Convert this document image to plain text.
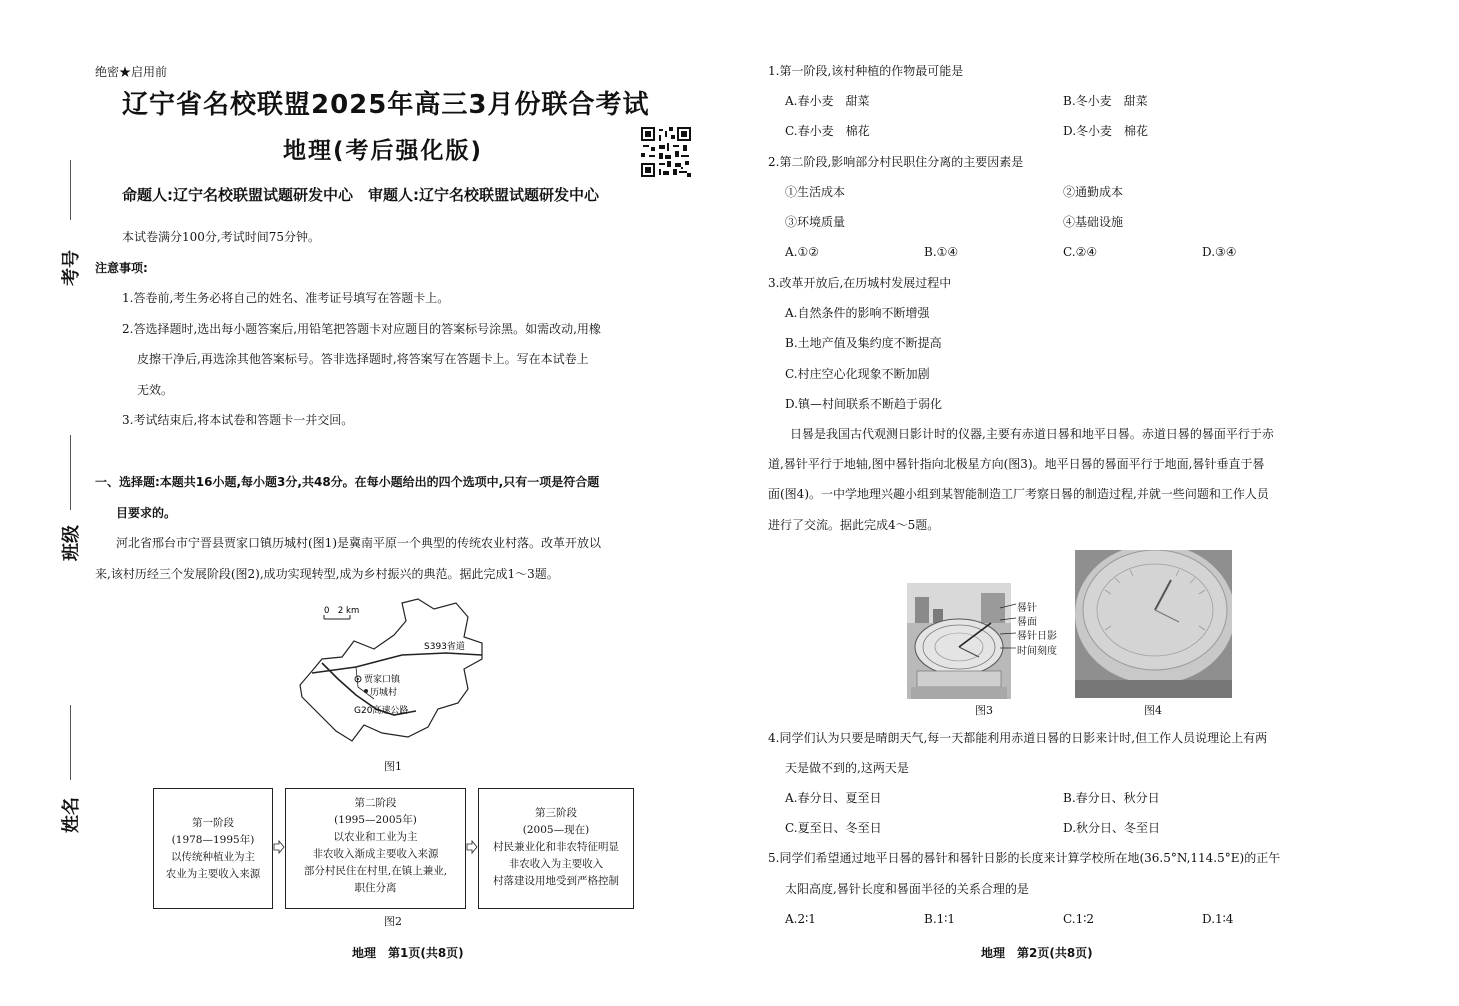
考号
班级
姓名
绝密★启用前
辽宁省名校联盟2025年高三3月份联合考试
地理(考后强化版)
命题人:辽宁名校联盟试题研发中心　审题人:辽宁名校联盟试题研发中心
本试卷满分100分,考试时间75分钟。
注意事项:
1.答卷前,考生务必将自己的姓名、准考证号填写在答题卡上。
2.答选择题时,选出每小题答案后,用铅笔把答题卡对应题目的答案标号涂黑。如需改动,用橡
皮擦干净后,再选涂其他答案标号。答非选择题时,将答案写在答题卡上。写在本试卷上
无效。
3.考试结束后,将本试卷和答题卡一并交回。
一、选择题:本题共16小题,每小题3分,共48分。在每小题给出的四个选项中,只有一项是符合题
目要求的。
河北省邢台市宁晋县贾家口镇历城村(图1)是冀南平原一个典型的传统农业村落。改革开放以
来,该村历经三个发展阶段(图2),成功实现转型,成为乡村振兴的典范。据此完成1～3题。
0　2 km
S393省道
贾家口镇
历城村
G20高速公路
图1
第一阶段
(1978—1995年)
以传统种植业为主
农业为主要收入来源
第二阶段
(1995—2005年)
以农业和工业为主
非农收入渐成主要收入来源
部分村民住在村里,在镇上兼业,
职住分离
第三阶段
(2005—现在)
村民兼业化和非农特征明显
非农收入为主要收入
村落建设用地受到严格控制
图2
地理　第1页(共8页)
1.第一阶段,该村种植的作物最可能是
A.春小麦　甜菜	B.冬小麦　甜菜
C.春小麦　棉花	D.冬小麦　棉花
2.第二阶段,影响部分村民职住分离的主要因素是
①生活成本	②通勤成本
③环境质量	④基础设施
A.①②	B.①④	C.②④	D.③④
3.改革开放后,在历城村发展过程中
A.自然条件的影响不断增强
B.土地产值及集约度不断提高
C.村庄空心化现象不断加剧
D.镇—村间联系不断趋于弱化
日晷是我国古代观测日影计时的仪器,主要有赤道日晷和地平日晷。赤道日晷的晷面平行于赤
道,晷针平行于地轴,图中晷针指向北极星方向(图3)。地平日晷的晷面平行于地面,晷针垂直于晷
面(图4)。一中学地理兴趣小组到某智能制造工厂考察日晷的制造过程,并就一些问题和工作人员
进行了交流。据此完成4～5题。
晷针
晷面
晷针日影
时间刻度
图3	图4
4.同学们认为只要是晴朗天气,每一天都能利用赤道日晷的日影来计时,但工作人员说理论上有两
天是做不到的,这两天是
A.春分日、夏至日	B.春分日、秋分日
C.夏至日、冬至日	D.秋分日、冬至日
5.同学们希望通过地平日晷的晷针和晷针日影的长度来计算学校所在地(36.5°N,114.5°E)的正午
太阳高度,晷针长度和晷面半径的关系合理的是
A.2∶1	B.1∶1	C.1∶2	D.1∶4
地理　第2页(共8页)
